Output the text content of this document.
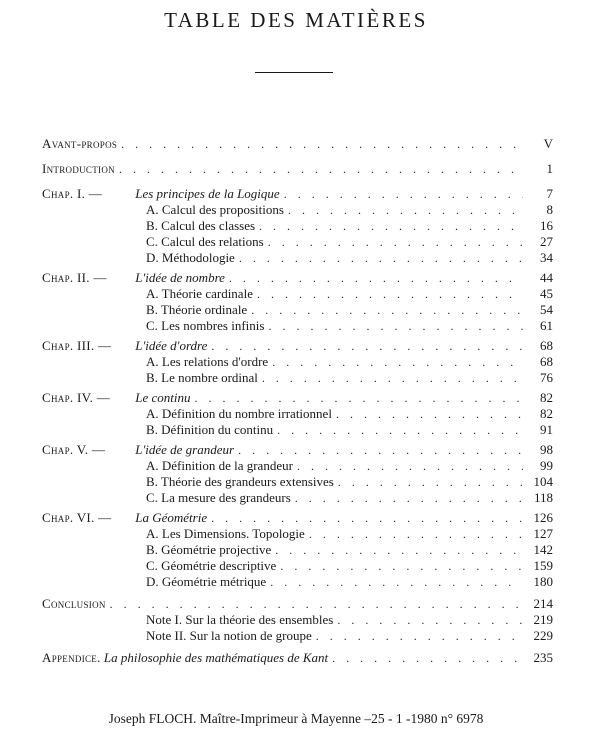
TABLE DES MATIÈRES
Avant-propos . . .	V
Introduction . . .	1
Chap. I. — Les principes de la Logique . . .	7
A. Calcul des propositions . . .	8
B. Calcul des classes . . .	16
C. Calcul des relations . . .	27
D. Méthodologie . . .	34
Chap. II. — L'idée de nombre . . .	44
A. Théorie cardinale . . .	45
B. Théorie ordinale . . .	54
C. Les nombres infinis . . .	61
Chap. III. — L'idée d'ordre . . .	68
A. Les relations d'ordre . . .	68
B. Le nombre ordinal . . .	76
Chap. IV. — Le continu . . .	82
A. Définition du nombre irrationnel . . .	82
B. Définition du continu . . .	91
Chap. V. — L'idée de grandeur . . .	98
A. Définition de la grandeur . . .	99
B. Théorie des grandeurs extensives . . .	104
C. La mesure des grandeurs . . .	118
Chap. VI. — La Géométrie . . .	126
A. Les Dimensions. Topologie . . .	127
B. Géométrie projective . . .	142
C. Géométrie descriptive . . .	159
D. Géométrie métrique . . .	180
Conclusion . . .	214
Note I. Sur la théorie des ensembles . . .	219
Note II. Sur la notion de groupe . . .	229
Appendice. La philosophie des mathématiques de Kant . . .	235
Joseph FLOCH. Maître-Imprimeur à Mayenne –25 - 1 -1980 n° 6978
